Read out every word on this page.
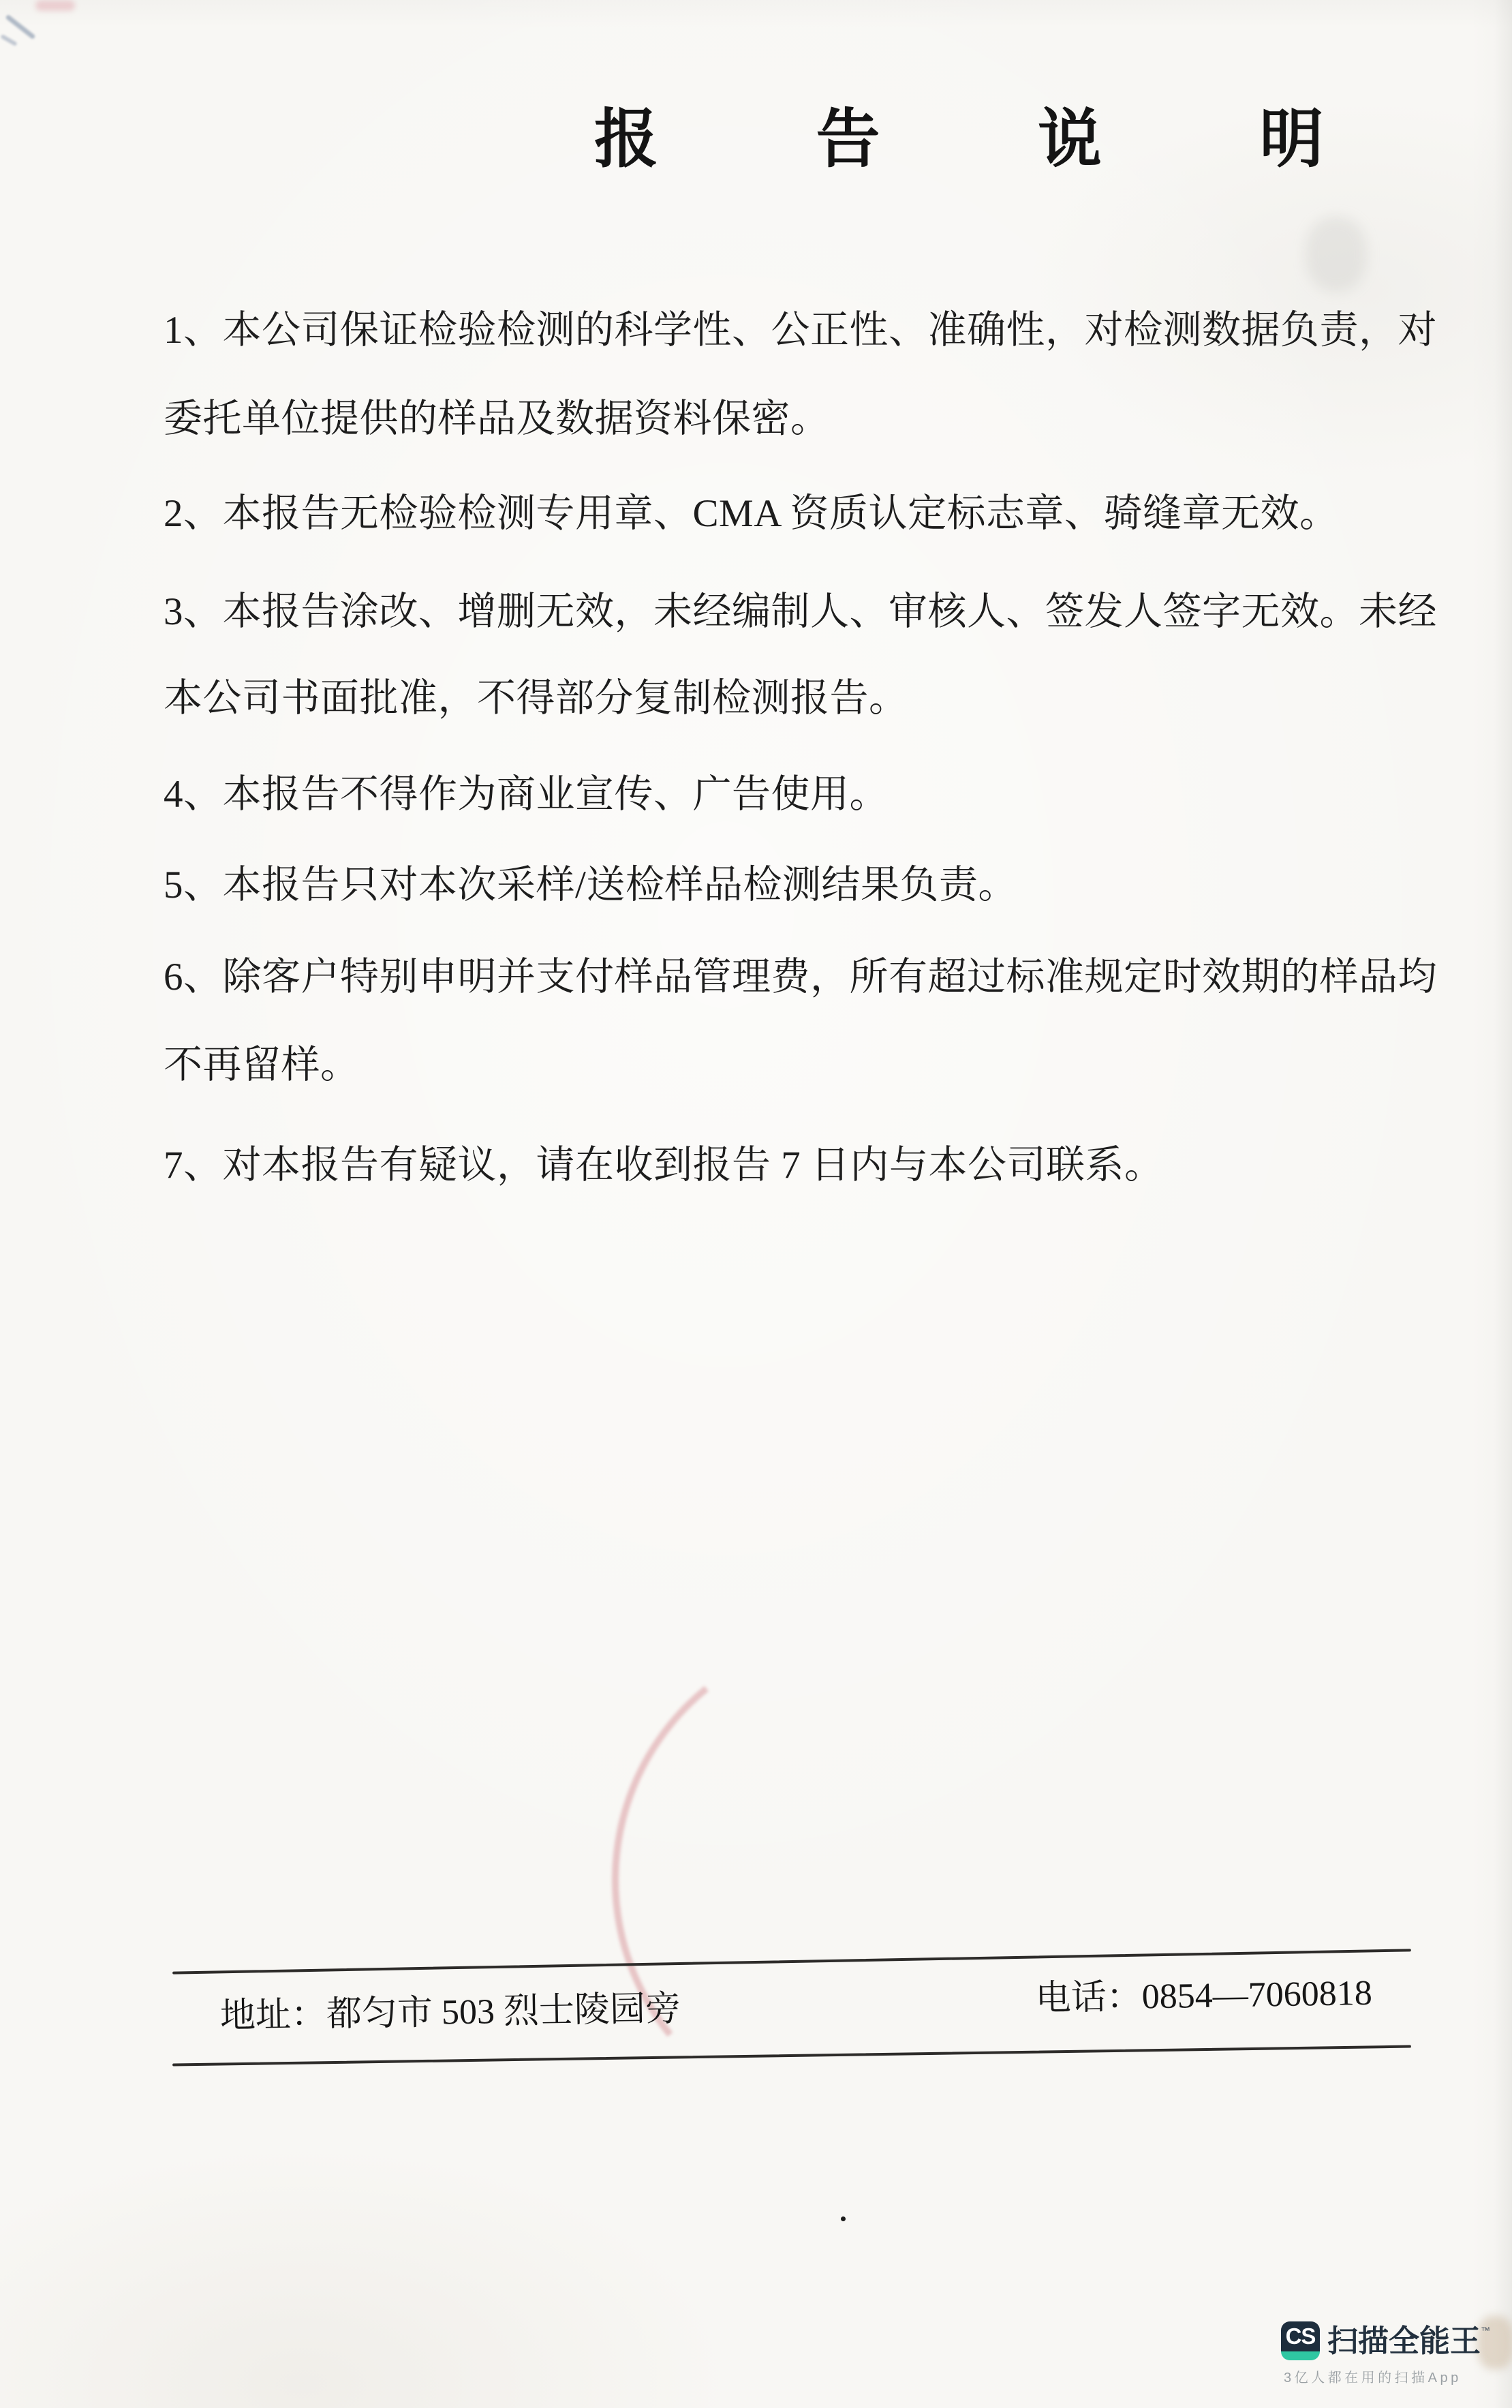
报 告 说 明
1、本公司保证检验检测的科学性、公正性、准确性，对检测数据负责，对
委托单位提供的样品及数据资料保密。
2、本报告无检验检测专用章、CMA 资质认定标志章、骑缝章无效。
3、本报告涂改、增删无效，未经编制人、审核人、签发人签字无效。未经
本公司书面批准，不得部分复制检测报告。
4、本报告不得作为商业宣传、广告使用。
5、本报告只对本次采样/送检样品检测结果负责。
6、除客户特别申明并支付样品管理费，所有超过标准规定时效期的样品均
不再留样。
7、对本报告有疑议，请在收到报告 7 日内与本公司联系。
地址：都匀市 503 烈士陵园旁	电话：0854—7060818
CS 扫描全能王™
3亿人都在用的扫描App
